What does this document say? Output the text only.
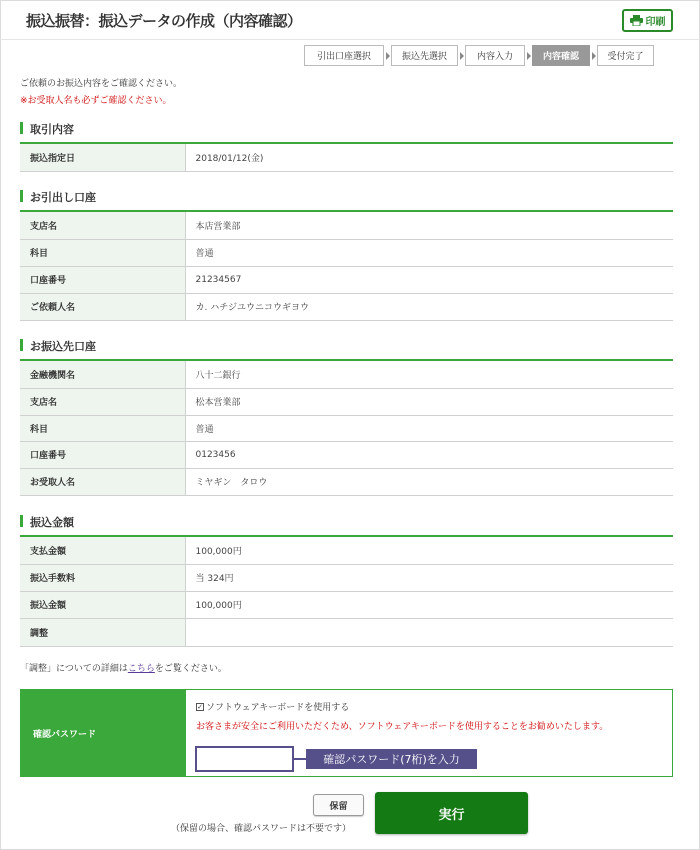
振込振替：振込データの作成（内容確認）	印刷
引出口座選択	振込先選択	内容入力	内容確認	受付完了
ご依頼のお振込内容をご確認ください。
※お受取人名も必ずご確認ください。
取引内容
振込指定日	2018/01/12(金)
お引出し口座
支店名	本店営業部
科目	普通
口座番号	21234567
ご依頼人名	カ. ハチジユウニコウギヨウ
お振込先口座
金融機関名	八十二銀行
支店名	松本営業部
科目	普通
口座番号	0123456
お受取人名	ミヤギン　タロウ
振込金額
支払金額	100,000円
振込手数料	当 324円
振込金額	100,000円
調整	
「調整」についての詳細はこちらをご覧ください。
確認パスワード
✓ ソフトウェアキーボードを使用する
お客さまが安全にご利用いただくため、ソフトウェアキーボードを使用することをお勧めいたします。
確認パスワード(7桁)を入力
保留
（保留の場合、確認パスワードは不要です）
実行
